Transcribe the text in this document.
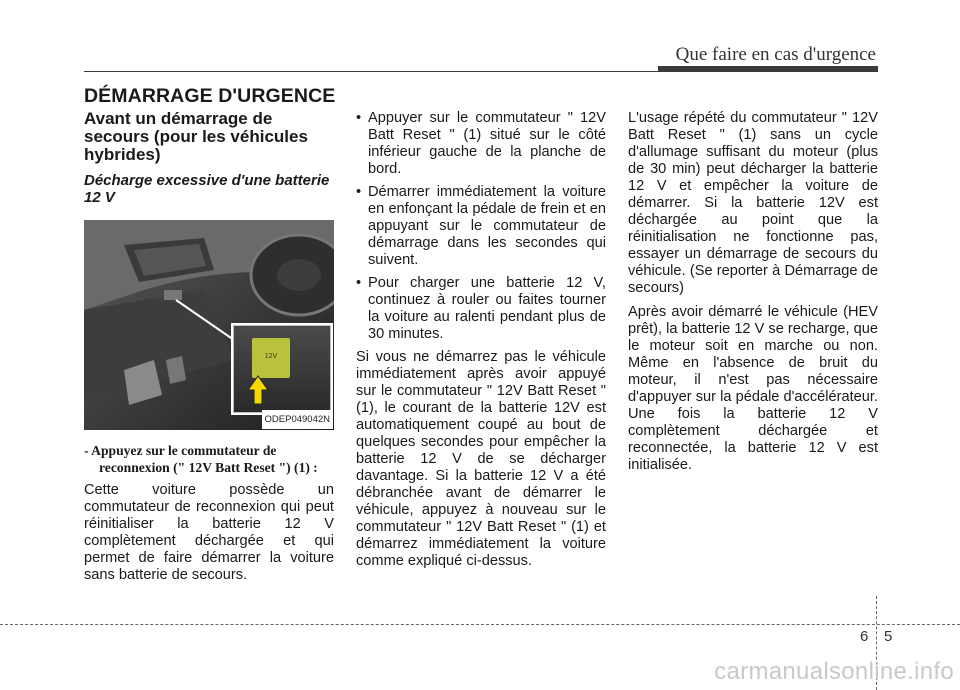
Que faire en cas d'urgence
DÉMARRAGE D'URGENCE
Avant un démarrage de secours (pour les véhicules hybrides)
Décharge excessive d'une batterie 12 V
12V
ODEP049042N
- Appuyez sur le commutateur de reconnexion (" 12V Batt Reset ") (1) :
Cette voiture possède un commutateur de reconnexion qui peut réinitialiser la batterie 12 V complètement déchargée et qui permet de faire démarrer la voiture sans batterie de secours.
• Appuyer sur le commutateur " 12V Batt Reset " (1) situé sur le côté inférieur gauche de la planche de bord.
• Démarrer immédiatement la voiture en enfonçant la pédale de frein et en appuyant sur le commutateur de démarrage dans les secondes qui suivent.
• Pour charger une batterie 12 V, continuez à rouler ou faites tourner la voiture au ralenti pendant plus de 30 minutes.
Si vous ne démarrez pas le véhicule immédiatement après avoir appuyé sur le commutateur " 12V Batt Reset " (1), le courant de la batterie 12V est automatiquement coupé au bout de quelques secondes pour empêcher la batterie 12 V de se décharger davantage. Si la batterie 12 V a été débranchée avant de démarrer le véhicule, appuyez à nouveau sur le commutateur " 12V Batt Reset " (1) et démarrez immédiatement la voiture comme expliqué ci-dessus.
L'usage répété du commutateur " 12V Batt Reset " (1) sans un cycle d'allumage suffisant du moteur (plus de 30 min) peut décharger la batterie 12 V et empêcher la voiture de démarrer. Si la batterie 12V est déchargée au point que la réinitialisation ne fonctionne pas, essayer un démarrage de secours du véhicule. (Se reporter à Démarrage de secours)
Après avoir démarré le véhicule (HEV prêt), la batterie 12 V se recharge, que le moteur soit en marche ou non. Même en l'absence de bruit du moteur, il n'est pas nécessaire d'appuyer sur la pédale d'accélérateur. Une fois la batterie 12 V complètement déchargée et reconnectée, la batterie 12 V est initialisée.
6 5
carmanualsonline.info
